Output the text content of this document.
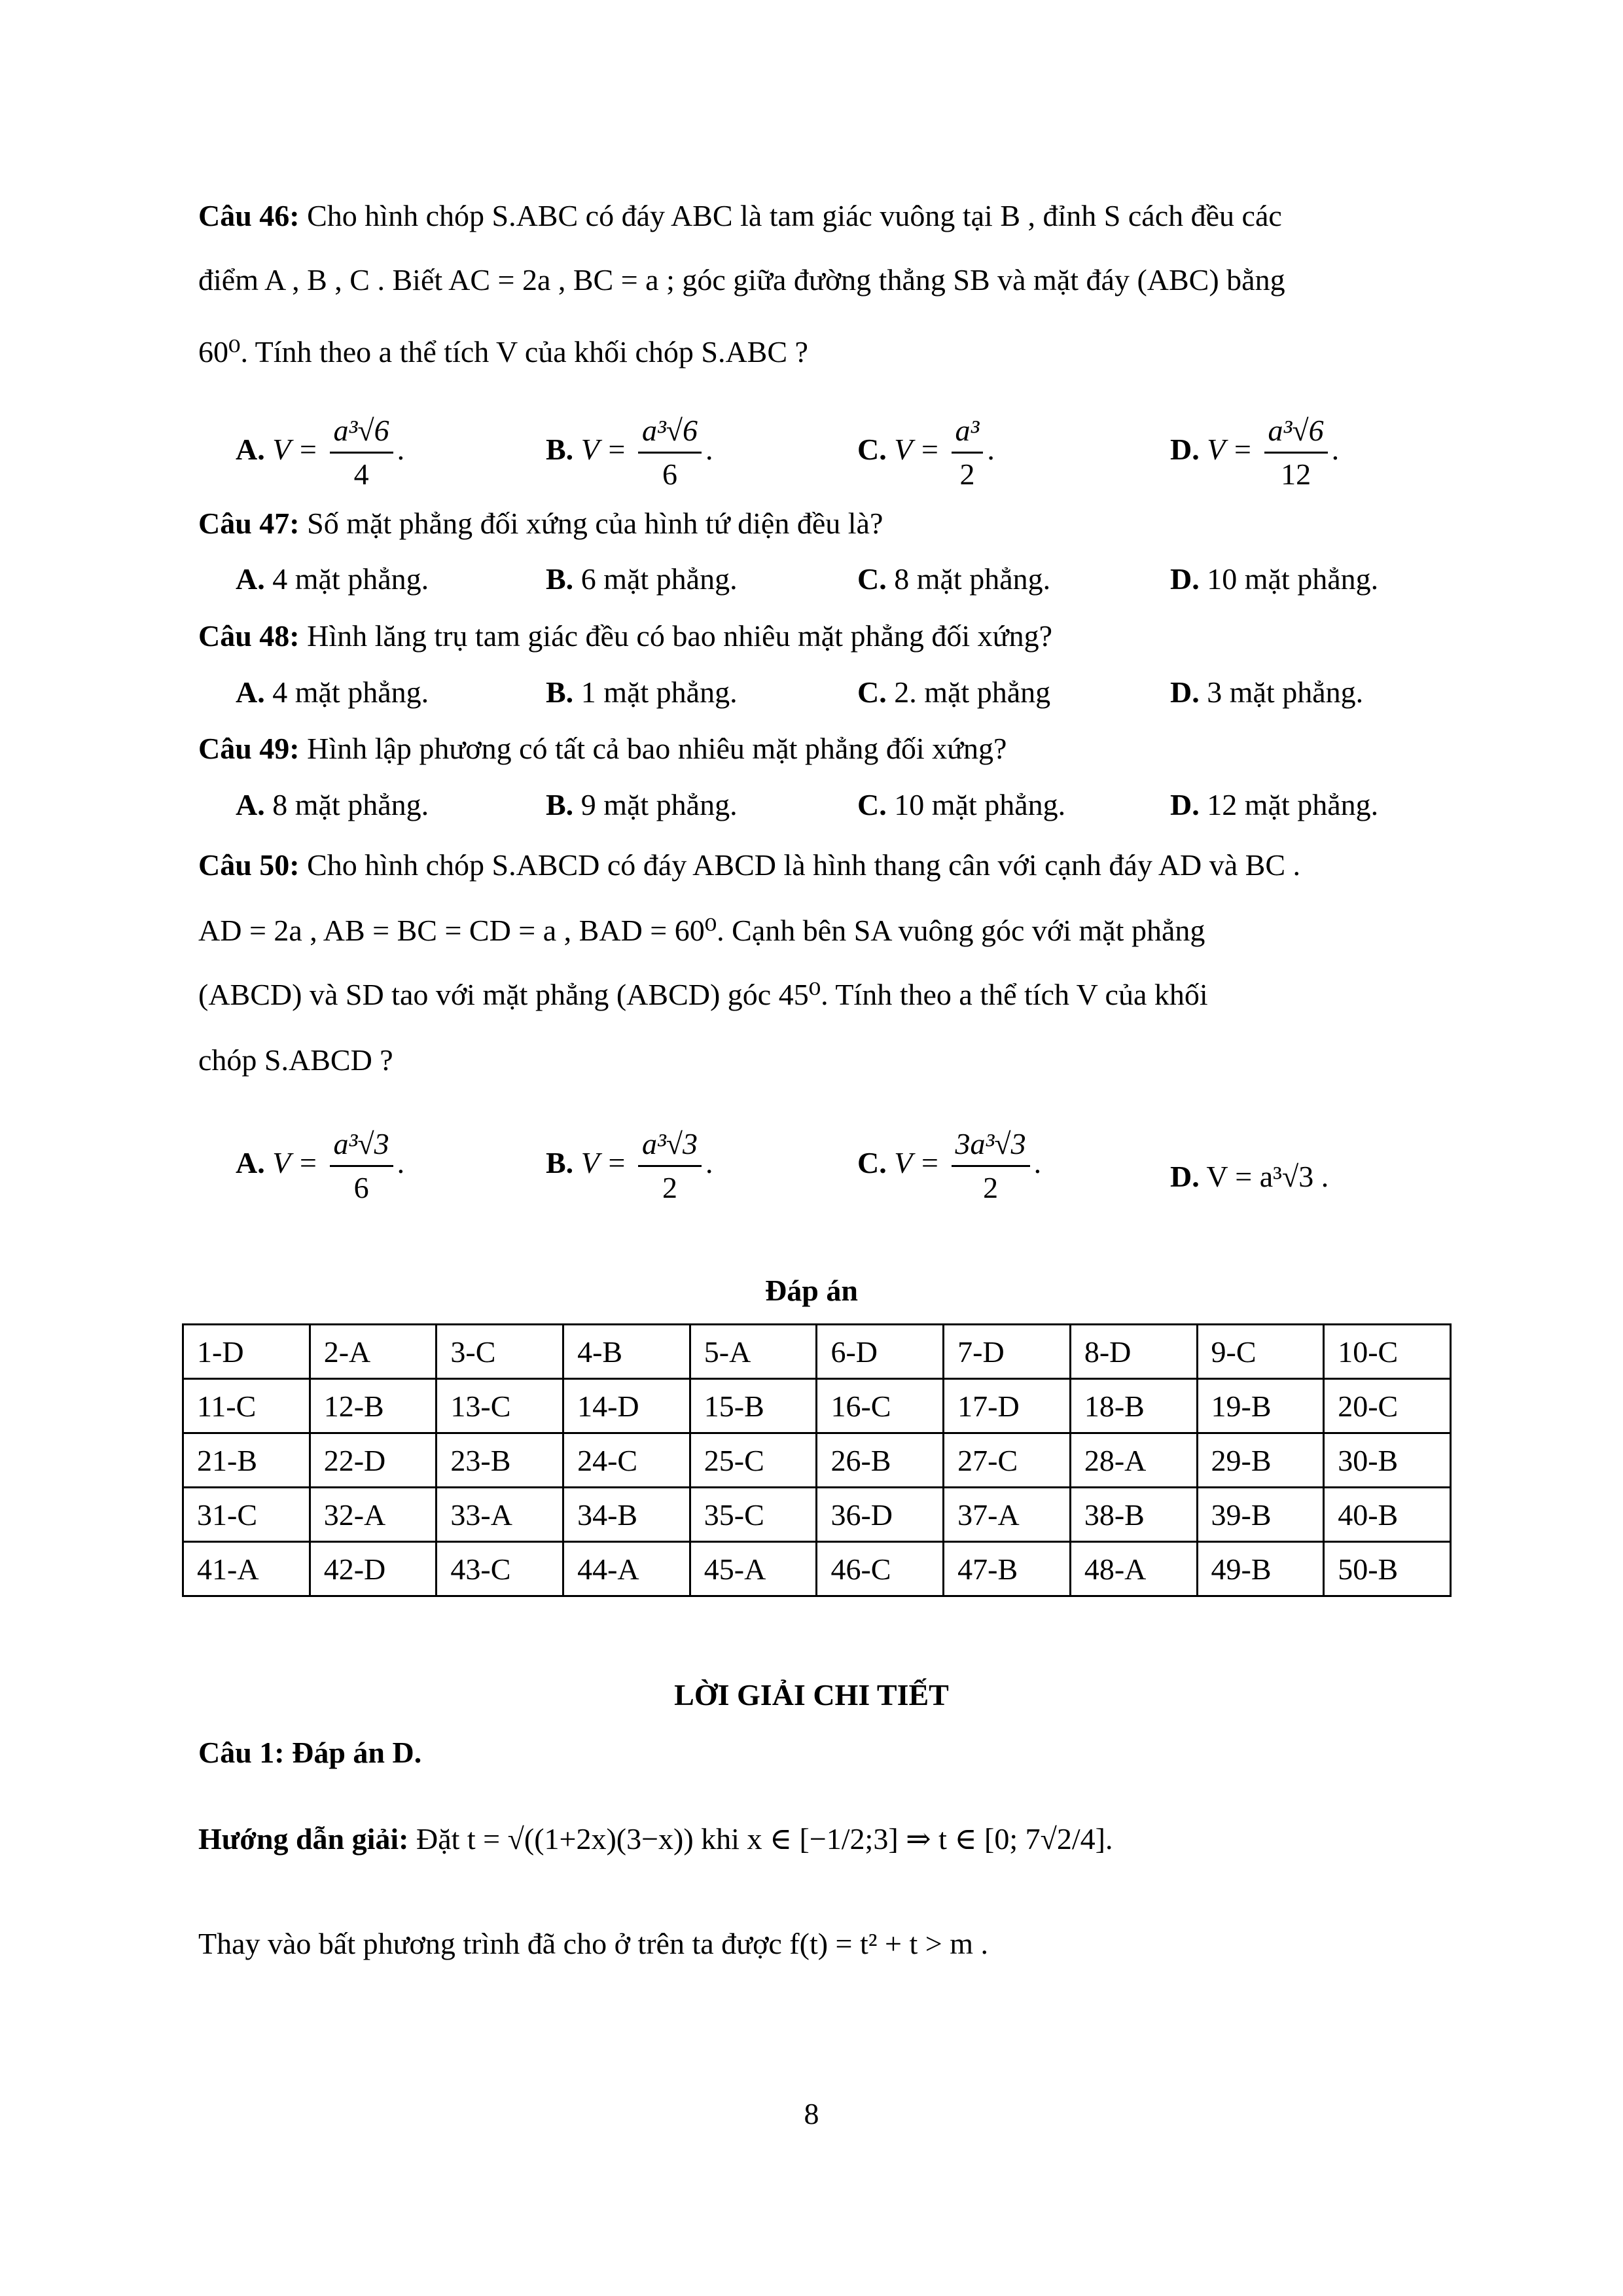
Câu 46: Cho hình chóp S.ABC có đáy ABC là tam giác vuông tại B , đỉnh S cách đều các
điểm A , B , C . Biết AC = 2a , BC = a ; góc giữa đường thẳng SB và mặt đáy (ABC) bằng
60⁰. Tính theo a thể tích V của khối chóp S.ABC ?
A. $V = \frac{\text{a³√6}}{4}$ .	B. $V = \frac{\text{a³√6}}{6}$ .	C. $V = \frac{\text{a³}}{2}$ .	D. $V = \frac{\text{a³√6}}{12}$ .
Câu 47: Số mặt phẳng đối xứng của hình tứ diện đều là?
A. 4 mặt phẳng.	B. 6 mặt phẳng.	C. 8 mặt phẳng.	D. 10 mặt phẳng.
Câu 48: Hình lăng trụ tam giác đều có bao nhiêu mặt phẳng đối xứng?
A. 4 mặt phẳng.	B. 1 mặt phẳng.	C. 2. mặt phẳng	D. 3 mặt phẳng.
Câu 49: Hình lập phương có tất cả bao nhiêu mặt phẳng đối xứng?
A. 8 mặt phẳng.	B. 9 mặt phẳng.	C. 10 mặt phẳng.	D. 12 mặt phẳng.
Câu 50: Cho hình chóp S.ABCD có đáy ABCD là hình thang cân với cạnh đáy AD và BC .
AD = 2a , AB = BC = CD = a , BAD = 60⁰. Cạnh bên SA vuông góc với mặt phẳng
(ABCD) và SD tao với mặt phẳng (ABCD) góc 45⁰. Tính theo a thể tích V của khối
chóp S.ABCD ?
A. $V = \frac{\text{a³√3}}{6}$ .	B. $V = \frac{\text{a³√3}}{2}$ .	C. $V = \frac{\text{3a³√3}}{2}$ .	D. V = a³√3 .
Đáp án
1-D	2-A	3-C	4-B	5-A	6-D	7-D	8-D	9-C	10-C
11-C	12-B	13-C	14-D	15-B	16-C	17-D	18-B	19-B	20-C
21-B	22-D	23-B	24-C	25-C	26-B	27-C	28-A	29-B	30-B
31-C	32-A	33-A	34-B	35-C	36-D	37-A	38-B	39-B	40-B
41-A	42-D	43-C	44-A	45-A	46-C	47-B	48-A	49-B	50-B
LỜI GIẢI CHI TIẾT
Câu 1: Đáp án D.
Hướng dẫn giải: Đặt t = √((1+2x)(3−x)) khi x ∈ [−1/2;3] ⇒ t ∈ [0; 7√2/4].
Thay vào bất phương trình đã cho ở trên ta được f(t) = t² + t > m .
8
